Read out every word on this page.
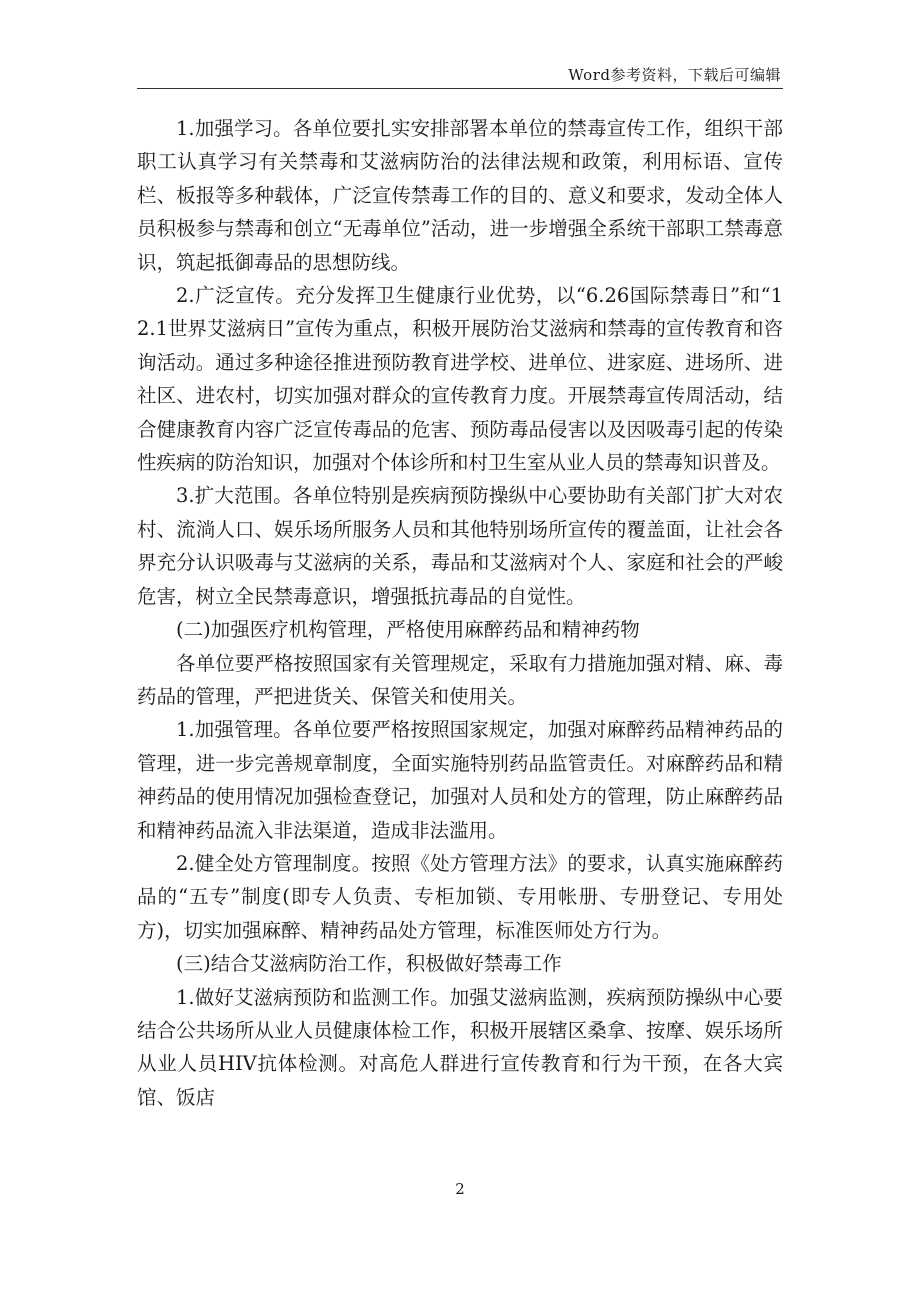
Word参考资料，下载后可编辑

1.加强学习。各单位要扎实安排部署本单位的禁毒宣传工作，组织干部职工认真学习有关禁毒和艾滋病防治的法律法规和政策，利用标语、宣传栏、板报等多种载体，广泛宣传禁毒工作的目的、意义和要求，发动全体人员积极参与禁毒和创立“无毒单位”活动，进一步增强全系统干部职工禁毒意识，筑起抵御毒品的思想防线。

2.广泛宣传。充分发挥卫生健康行业优势，以“6.26国际禁毒日”和“12.1世界艾滋病日”宣传为重点，积极开展防治艾滋病和禁毒的宣传教育和咨询活动。通过多种途径推进预防教育进学校、进单位、进家庭、进场所、进社区、进农村，切实加强对群众的宣传教育力度。开展禁毒宣传周活动，结合健康教育内容广泛宣传毒品的危害、预防毒品侵害以及因吸毒引起的传染性疾病的防治知识，加强对个体诊所和村卫生室从业人员的禁毒知识普及。

3.扩大范围。各单位特别是疾病预防操纵中心要协助有关部门扩大对农村、流淌人口、娱乐场所服务人员和其他特别场所宣传的覆盖面，让社会各界充分认识吸毒与艾滋病的关系，毒品和艾滋病对个人、家庭和社会的严峻危害，树立全民禁毒意识，增强抵抗毒品的自觉性。

(二)加强医疗机构管理，严格使用麻醉药品和精神药物

各单位要严格按照国家有关管理规定，采取有力措施加强对精、麻、毒药品的管理，严把进货关、保管关和使用关。

1.加强管理。各单位要严格按照国家规定，加强对麻醉药品精神药品的管理，进一步完善规章制度，全面实施特别药品监管责任。对麻醉药品和精神药品的使用情况加强检查登记，加强对人员和处方的管理，防止麻醉药品和精神药品流入非法渠道，造成非法滥用。

2.健全处方管理制度。按照《处方管理方法》的要求，认真实施麻醉药品的“五专”制度(即专人负责、专柜加锁、专用帐册、专册登记、专用处方)，切实加强麻醉、精神药品处方管理，标准医师处方行为。

(三)结合艾滋病防治工作，积极做好禁毒工作

1.做好艾滋病预防和监测工作。加强艾滋病监测，疾病预防操纵中心要结合公共场所从业人员健康体检工作，积极开展辖区桑拿、按摩、娱乐场所从业人员HIV抗体检测。对高危人群进行宣传教育和行为干预，在各大宾馆、饭店

2
